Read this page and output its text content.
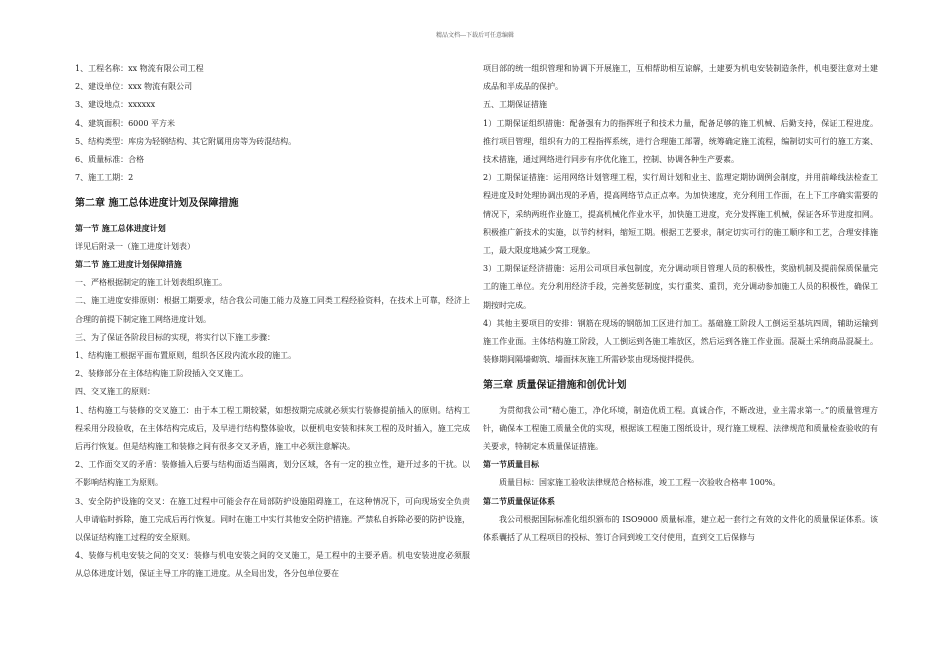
精品文档---下载后可任意编辑

1、工程名称：xx 物流有限公司工程

2、建设单位：xxx 物流有限公司

3、建设地点：xxxxxx

4、建筑面积：6000 平方米

5、结构类型：库房为轻钢结构、其它附属用房等为砖混结构。

6、质量标准：合格

7、施工工期：2

第二章 施工总体进度计划及保障措施

第一节 施工总体进度计划

详见后附录一（施工进度计划表）

第二节 施工进度计划保障措施

一、严格根据制定的施工计划表组织施工。

二、施工进度安排原则：根据工期要求，结合我公司施工能力及施工同类工程经验资料，在技术上可靠，经济上合理的前提下制定施工网络进度计划。

三、为了保证各阶段目标的实现，将实行以下施工步骤：

1、结构施工根据平面布置原则，组织各区段内流水段的施工。

2、装修部分在主体结构施工阶段插入交叉施工。

四、交叉施工的原则：

1、结构施工与装修的交叉施工：由于本工程工期较紧，如想按期完成就必须实行装修提前插入的原则。结构工程采用分段验收，在主体结构完成后，及早进行结构整体验收，以便机电安装和抹灰工程的及时插入，施工完成后再行恢复。但是结构施工和装修之间有很多交叉矛盾，施工中必须注意解决。

2、工作面交叉的矛盾：装修插入后要与结构面适当隔离，划分区域，各有一定的独立性，避开过多的干扰。以不影响结构施工为原则。

3、安全防护设施的交叉：在施工过程中可能会存在局部防护设施阻碍施工，在这种情况下，可向现场安全负责人申请临时拆除，施工完成后再行恢复。同时在施工中实行其他安全防护措施。严禁私自拆除必要的防护设施，以保证结构施工过程的安全原则。

4、装修与机电安装之间的交叉：装修与机电安装之间的交叉施工，是工程中的主要矛盾。机电安装进度必须服从总体进度计划，保证主导工序的施工进度。从全局出发，各分包单位要在

项目部的统一组织管理和协调下开展施工，互相帮助相互谅解，土建要为机电安装制造条件，机电要注意对土建成品和半成品的保护。

五、工期保证措施

1）工期保证组织措施：配备强有力的指挥班子和技术力量，配备足够的施工机械、后勤支持，保证工程进度。推行项目管理，组织有力的工程指挥系统，进行合理施工部署，统筹确定施工流程，编制切实可行的施工方案、技术措施，通过网络进行同步有序优化施工，控制、协调各种生产要素。

2）工期保证措施：运用网络计划管理工程，实行周计划和业主、监理定期协调例会制度，并用前峰线法检查工程进度及时处理协调出现的矛盾，提高网络节点正点率。为加快速度，充分利用工作面，在上下工序确实需要的情况下，采纳两班作业施工，提高机械化作业水平，加快施工进度，充分发挥施工机械，保证各环节进度扣网。积极推广新技术的实施，以节约材料，缩短工期。根据工艺要求，制定切实可行的施工顺序和工艺，合理安排施工，最大限度地减少窝工现象。

3）工期保证经济措施：运用公司项目承包制度，充分调动项目管理人员的积极性，奖励机制及提前保质保量完工的施工单位。充分利用经济手段，完善奖惩制度，实行重奖、重罚，充分调动参加施工人员的积极性，确保工期按时完成。

4）其他主要项目的安排：钢筋在现场的钢筋加工区进行加工。基础施工阶段人工倒运至基坑四周，辅助运输到施工作业面。主体结构施工阶段，人工倒运到各施工堆放区，然后运到各施工作业面。混凝土采纳商品混凝土。装修期间隔墙砌筑、墙面抹灰施工所需砂浆由现场搅拌提供。

第三章 质量保证措施和创优计划

为贯彻我公司“精心施工，净化环境，制造优质工程。真诚合作，不断改进，业主需求第一。”的质量管理方针，确保本工程施工质量全优的实现，根据该工程施工图纸设计，现行施工规程、法律规范和质量检查验收的有关要求，特制定本质量保证措施。

第一节质量目标

质量目标：国家施工验收法律规范合格标准，竣工工程一次验收合格率 100%。

第二节质量保证体系

我公司根据国际标准化组织颁布的 ISO9000 质量标准，建立起一套行之有效的文件化的质量保证体系。该体系囊括了从工程项目的投标、签订合同到竣工交付使用，直到交工后保修与
